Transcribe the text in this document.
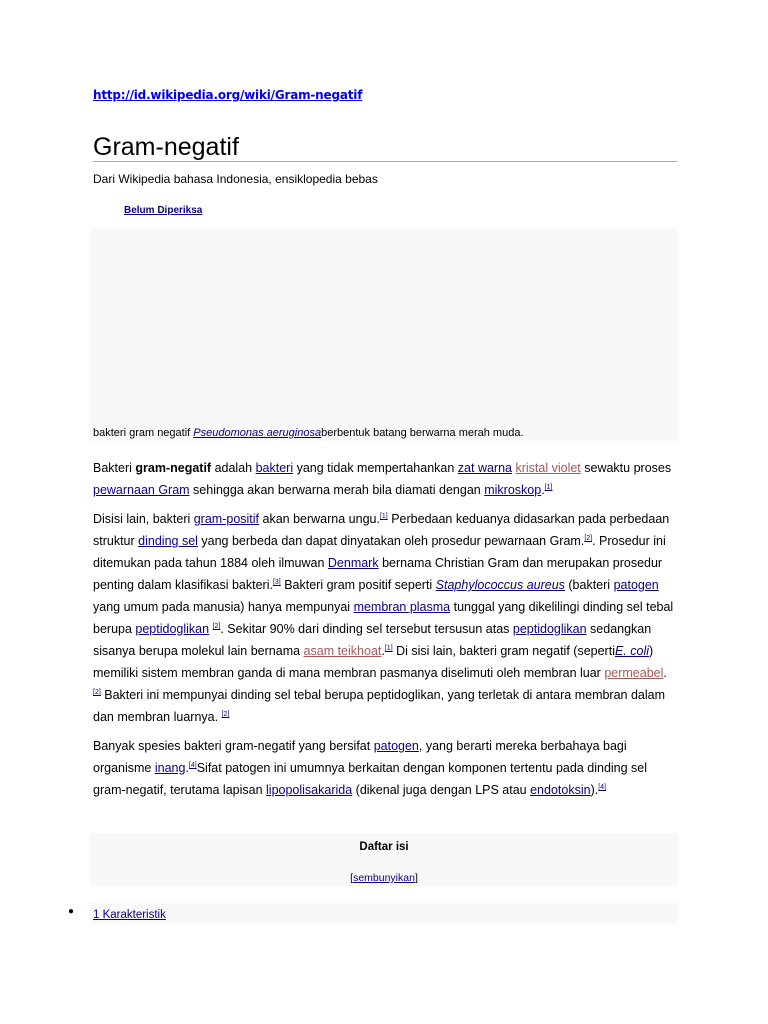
http://id.wikipedia.org/wiki/Gram-negatif
Gram-negatif
Dari Wikipedia bahasa Indonesia, ensiklopedia bebas
Belum Diperiksa
bakteri gram negatif Pseudomonas aeruginosaberbentuk batang berwarna merah muda.

Bakteri gram-negatif adalah bakteri yang tidak mempertahankan zat warna kristal violet sewaktu proses pewarnaan Gram sehingga akan berwarna merah bila diamati dengan mikroskop.[1]

Disisi lain, bakteri gram-positif akan berwarna ungu.[1] Perbedaan keduanya didasarkan pada perbedaan struktur dinding sel yang berbeda dan dapat dinyatakan oleh prosedur pewarnaan Gram.[2]. Prosedur ini ditemukan pada tahun 1884 oleh ilmuwan Denmark bernama Christian Gram dan merupakan prosedur penting dalam klasifikasi bakteri.[3] Bakteri gram positif seperti Staphylococcus aureus (bakteri patogen yang umum pada manusia) hanya mempunyai membran plasma tunggal yang dikelilingi dinding sel tebal berupa peptidoglikan [2]. Sekitar 90% dari dinding sel tersebut tersusun atas peptidoglikan sedangkan sisanya berupa molekul lain bernama asam teikhoat.[1] Di sisi lain, bakteri gram negatif (sepertiE. coli) memiliki sistem membran ganda di mana membran pasmanya diselimuti oleh membran luar permeabel. [2] Bakteri ini mempunyai dinding sel tebal berupa peptidoglikan, yang terletak di antara membran dalam dan membran luarnya. [2]

Banyak spesies bakteri gram-negatif yang bersifat patogen, yang berarti mereka berbahaya bagi organisme inang.[4]Sifat patogen ini umumnya berkaitan dengan komponen tertentu pada dinding sel gram-negatif, terutama lapisan lipopolisakarida (dikenal juga dengan LPS atau endotoksin).[4]

Daftar isi
[sembunyikan]
● 1 Karakteristik
